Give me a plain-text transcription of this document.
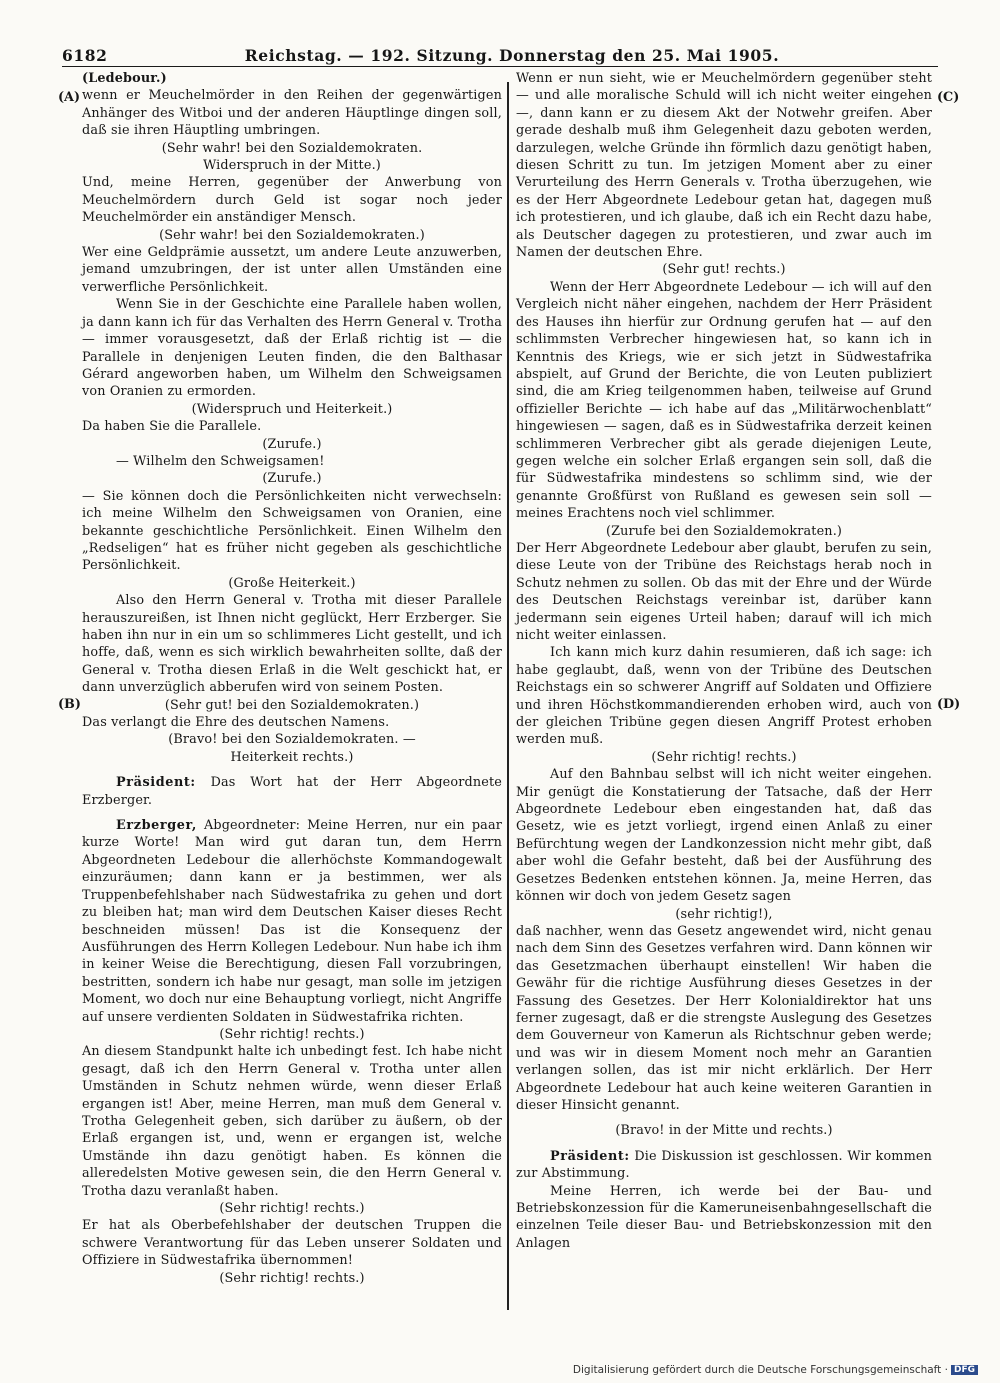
6182	Reichstag. — 192. Sitzung. Donnerstag den 25. Mai 1905.
(A)
(B)
(C)
(D)

(Ledebour.)

wenn er Meuchelmörder in den Reihen der gegenwärtigen Anhänger des Witboi und der anderen Häuptlinge dingen soll, daß sie ihren Häuptling umbringen.

(Sehr wahr! bei den Sozialdemokraten.

Widerspruch in der Mitte.)

Und, meine Herren, gegenüber der Anwerbung von Meuchelmördern durch Geld ist sogar noch jeder Meuchelmörder ein anständiger Mensch.

(Sehr wahr! bei den Sozialdemokraten.)

Wer eine Geldprämie aussetzt, um andere Leute anzuwerben, jemand umzubringen, der ist unter allen Umständen eine verwerfliche Persönlichkeit.

Wenn Sie in der Geschichte eine Parallele haben wollen, ja dann kann ich für das Verhalten des Herrn General v. Trotha — immer vorausgesetzt, daß der Erlaß richtig ist — die Parallele in denjenigen Leuten finden, die den Balthasar Gérard angeworben haben, um Wilhelm den Schweigsamen von Oranien zu ermorden.

(Widerspruch und Heiterkeit.)

Da haben Sie die Parallele.

(Zurufe.)

— Wilhelm den Schweigsamen!

(Zurufe.)

— Sie können doch die Persönlichkeiten nicht verwechseln: ich meine Wilhelm den Schweigsamen von Oranien, eine bekannte geschichtliche Persönlichkeit. Einen Wilhelm den „Redseligen“ hat es früher nicht gegeben als geschichtliche Persönlichkeit.

(Große Heiterkeit.)

Also den Herrn General v. Trotha mit dieser Parallele herauszureißen, ist Ihnen nicht geglückt, Herr Erzberger. Sie haben ihn nur in ein um so schlimmeres Licht gestellt, und ich hoffe, daß, wenn es sich wirklich bewahrheiten sollte, daß der General v. Trotha diesen Erlaß in die Welt geschickt hat, er dann unverzüglich abberufen wird von seinem Posten.

(Sehr gut! bei den Sozialdemokraten.)

Das verlangt die Ehre des deutschen Namens.

(Bravo! bei den Sozialdemokraten. —

Heiterkeit rechts.)

Präsident: Das Wort hat der Herr Abgeordnete Erzberger.

Erzberger, Abgeordneter: Meine Herren, nur ein paar kurze Worte! Man wird gut daran tun, dem Herrn Abgeordneten Ledebour die allerhöchste Kommandogewalt einzuräumen; dann kann er ja bestimmen, wer als Truppenbefehlshaber nach Südwestafrika zu gehen und dort zu bleiben hat; man wird dem Deutschen Kaiser dieses Recht beschneiden müssen! Das ist die Konsequenz der Ausführungen des Herrn Kollegen Ledebour. Nun habe ich ihm in keiner Weise die Berechtigung, diesen Fall vorzubringen, bestritten, sondern ich habe nur gesagt, man solle im jetzigen Moment, wo doch nur eine Behauptung vorliegt, nicht Angriffe auf unsere verdienten Soldaten in Südwestafrika richten.

(Sehr richtig! rechts.)

An diesem Standpunkt halte ich unbedingt fest. Ich habe nicht gesagt, daß ich den Herrn General v. Trotha unter allen Umständen in Schutz nehmen würde, wenn dieser Erlaß ergangen ist! Aber, meine Herren, man muß dem General v. Trotha Gelegenheit geben, sich darüber zu äußern, ob der Erlaß ergangen ist, und, wenn er ergangen ist, welche Umstände ihn dazu genötigt haben. Es können die alleredelsten Motive gewesen sein, die den Herrn General v. Trotha dazu veranlaßt haben.

(Sehr richtig! rechts.)

Er hat als Oberbefehlshaber der deutschen Truppen die schwere Verantwortung für das Leben unserer Soldaten und Offiziere in Südwestafrika übernommen!

(Sehr richtig! rechts.)

Wenn er nun sieht, wie er Meuchelmördern gegenüber steht — und alle moralische Schuld will ich nicht weiter eingehen —, dann kann er zu diesem Akt der Notwehr greifen. Aber gerade deshalb muß ihm Gelegenheit dazu geboten werden, darzulegen, welche Gründe ihn förmlich dazu genötigt haben, diesen Schritt zu tun. Im jetzigen Moment aber zu einer Verurteilung des Herrn Generals v. Trotha überzugehen, wie es der Herr Abgeordnete Ledebour getan hat, dagegen muß ich protestieren, und ich glaube, daß ich ein Recht dazu habe, als Deutscher dagegen zu protestieren, und zwar auch im Namen der deutschen Ehre.

(Sehr gut! rechts.)

Wenn der Herr Abgeordnete Ledebour — ich will auf den Vergleich nicht näher eingehen, nachdem der Herr Präsident des Hauses ihn hierfür zur Ordnung gerufen hat — auf den schlimmsten Verbrecher hingewiesen hat, so kann ich in Kenntnis des Kriegs, wie er sich jetzt in Südwestafrika abspielt, auf Grund der Berichte, die von Leuten publiziert sind, die am Krieg teilgenommen haben, teilweise auf Grund offizieller Berichte — ich habe auf das „Militärwochenblatt“ hingewiesen — sagen, daß es in Südwestafrika derzeit keinen schlimmeren Verbrecher gibt als gerade diejenigen Leute, gegen welche ein solcher Erlaß ergangen sein soll, daß die für Südwestafrika mindestens so schlimm sind, wie der genannte Großfürst von Rußland es gewesen sein soll — meines Erachtens noch viel schlimmer.

(Zurufe bei den Sozialdemokraten.)

Der Herr Abgeordnete Ledebour aber glaubt, berufen zu sein, diese Leute von der Tribüne des Reichstags herab noch in Schutz nehmen zu sollen. Ob das mit der Ehre und der Würde des Deutschen Reichstags vereinbar ist, darüber kann jedermann sein eigenes Urteil haben; darauf will ich mich nicht weiter einlassen.

Ich kann mich kurz dahin resumieren, daß ich sage: ich habe geglaubt, daß, wenn von der Tribüne des Deutschen Reichstags ein so schwerer Angriff auf Soldaten und Offiziere und ihren Höchstkommandierenden erhoben wird, auch von der gleichen Tribüne gegen diesen Angriff Protest erhoben werden muß.

(Sehr richtig! rechts.)

Auf den Bahnbau selbst will ich nicht weiter eingehen. Mir genügt die Konstatierung der Tatsache, daß der Herr Abgeordnete Ledebour eben eingestanden hat, daß das Gesetz, wie es jetzt vorliegt, irgend einen Anlaß zu einer Befürchtung wegen der Landkonzession nicht mehr gibt, daß aber wohl die Gefahr besteht, daß bei der Ausführung des Gesetzes Bedenken entstehen können. Ja, meine Herren, das können wir doch von jedem Gesetz sagen

(sehr richtig!),

daß nachher, wenn das Gesetz angewendet wird, nicht genau nach dem Sinn des Gesetzes verfahren wird. Dann können wir das Gesetzmachen überhaupt einstellen! Wir haben die Gewähr für die richtige Ausführung dieses Gesetzes in der Fassung des Gesetzes. Der Herr Kolonialdirektor hat uns ferner zugesagt, daß er die strengste Auslegung des Gesetzes dem Gouverneur von Kamerun als Richtschnur geben werde; und was wir in diesem Moment noch mehr an Garantien verlangen sollen, das ist mir nicht erklärlich. Der Herr Abgeordnete Ledebour hat auch keine weiteren Garantien in dieser Hinsicht genannt.

(Bravo! in der Mitte und rechts.)

Präsident: Die Diskussion ist geschlossen. Wir kommen zur Abstimmung.

Meine Herren, ich werde bei der Bau- und Betriebskonzession für die Kameruneisenbahngesellschaft die einzelnen Teile dieser Bau- und Betriebskonzession mit den Anlagen

Digitalisierung gefördert durch die Deutsche Forschungsgemeinschaft · DFG
